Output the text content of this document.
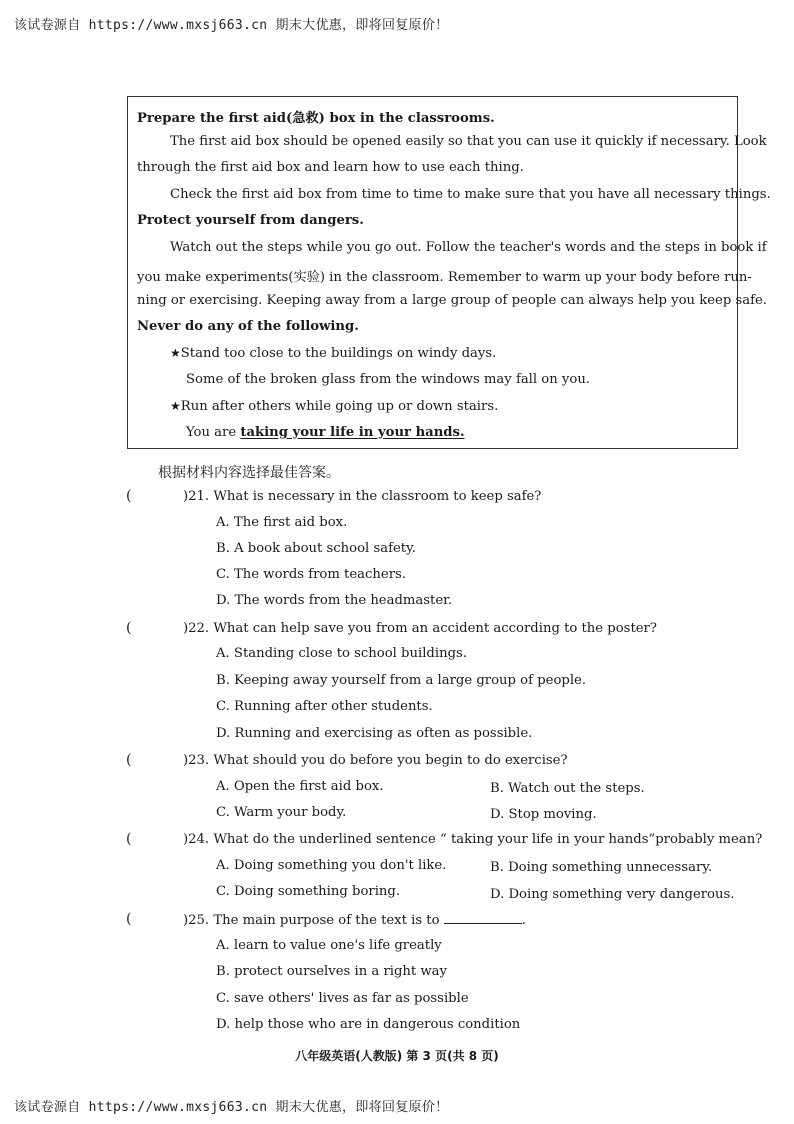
该试卷源自 https://www.mxsj663.cn 期末大优惠，即将回复原价！
Prepare the first aid(急救) box in the classrooms.
The first aid box should be opened easily so that you can use it quickly if necessary. Look
through the first aid box and learn how to use each thing.
Check the first aid box from time to time to make sure that you have all necessary things.
Protect yourself from dangers.
Watch out the steps while you go out. Follow the teacher's words and the steps in book if
you make experiments(实验) in the classroom. Remember to warm up your body before run-
ning or exercising. Keeping away from a large group of people can always help you keep safe.
Never do any of the following.
★Stand too close to the buildings on windy days.
Some of the broken glass from the windows may fall on you.
★Run after others while going up or down stairs.
You are taking your life in your hands.
根据材料内容选择最佳答案。
(	)21. What is necessary in the classroom to keep safe?
A. The first aid box.
B. A book about school safety.
C. The words from teachers.
D. The words from the headmaster.
(	)22. What can help save you from an accident according to the poster?
A. Standing close to school buildings.
B. Keeping away yourself from a large group of people.
C. Running after other students.
D. Running and exercising as often as possible.
(	)23. What should you do before you begin to do exercise?
A. Open the first aid box.	B. Watch out the steps.
C. Warm your body.	D. Stop moving.
(	)24. What do the underlined sentence “ taking your life in your hands”probably mean?
A. Doing something you don't like.	B. Doing something unnecessary.
C. Doing something boring.	D. Doing something very dangerous.
(	)25. The main purpose of the text is to	.
A. learn to value one's life greatly
B. protect ourselves in a right way
C. save others' lives as far as possible
D. help those who are in dangerous condition
八年级英语(人教版) 第 3 页(共 8 页)
该试卷源自 https://www.mxsj663.cn 期末大优惠，即将回复原价！
